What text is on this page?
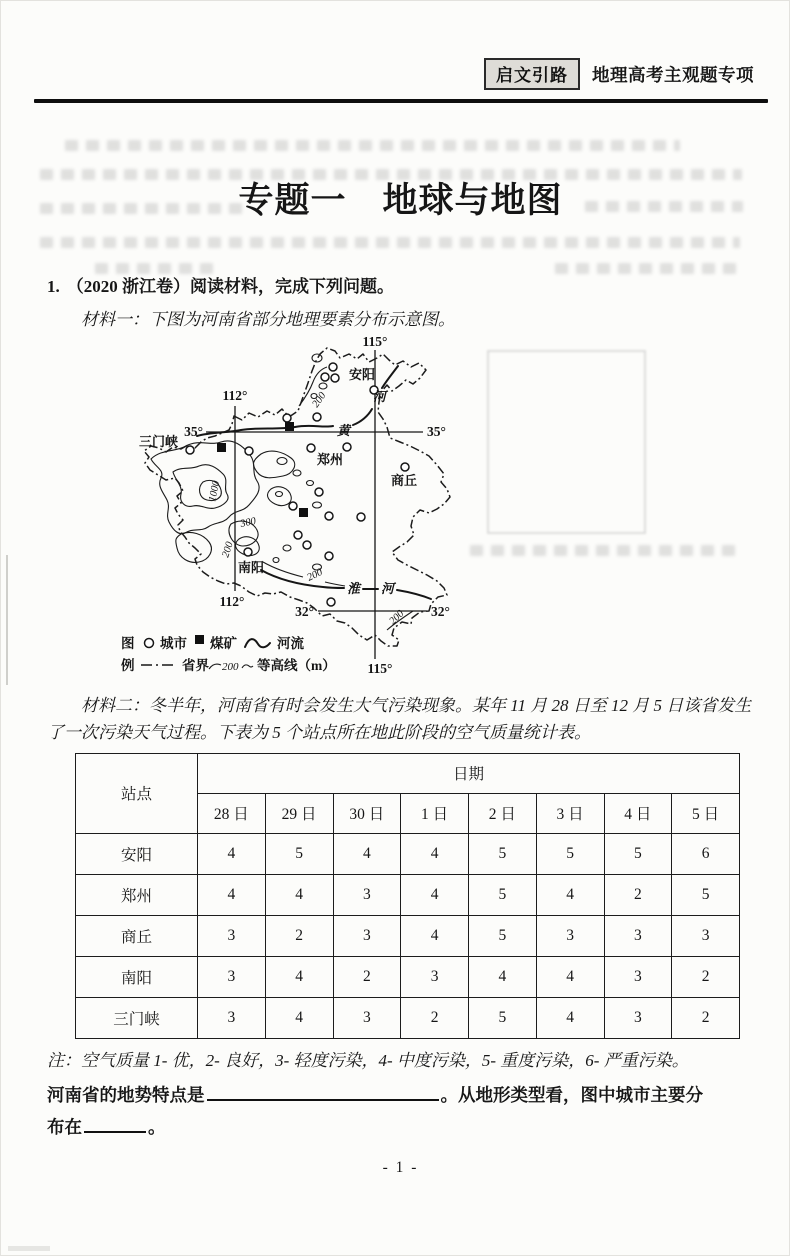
启文引路	地理高考主观题专项
专题一　地球与地图
1. （2020 浙江卷）阅读材料，完成下列问题。
材料一：下图为河南省部分地理要素分布示意图。
115°
115°
112°
112°
35°	35°
32°	32°
三门峡
安阳
郑州
商丘
南阳
黄
河
淮 河
200
1000
300
200
200
200
图
例
城市 煤矿	河流
省界 200 等高线（m）
材料二：冬半年，河南省有时会发生大气污染现象。某年 11 月 28 日至 12 月 5 日该省发生了一次污染天气过程。下表为 5 个站点所在地此阶段的空气质量统计表。
站点	日期							
	28 日	29 日	30 日	1 日	2 日	3 日	4 日	5 日
安阳	4	5	4	4	5	5	5	6
郑州	4	4	3	4	5	4	2	5
商丘	3	2	3	4	5	3	3	3
南阳	3	4	2	3	4	4	3	2
三门峡	3	4	3	2	5	4	3	2
注：空气质量 1- 优，2- 良好，3- 轻度污染，4- 中度污染，5- 重度污染，6- 严重污染。
河南省的地势特点是	。从地形类型看，图中城市主要分
布在	。
- 1 -
